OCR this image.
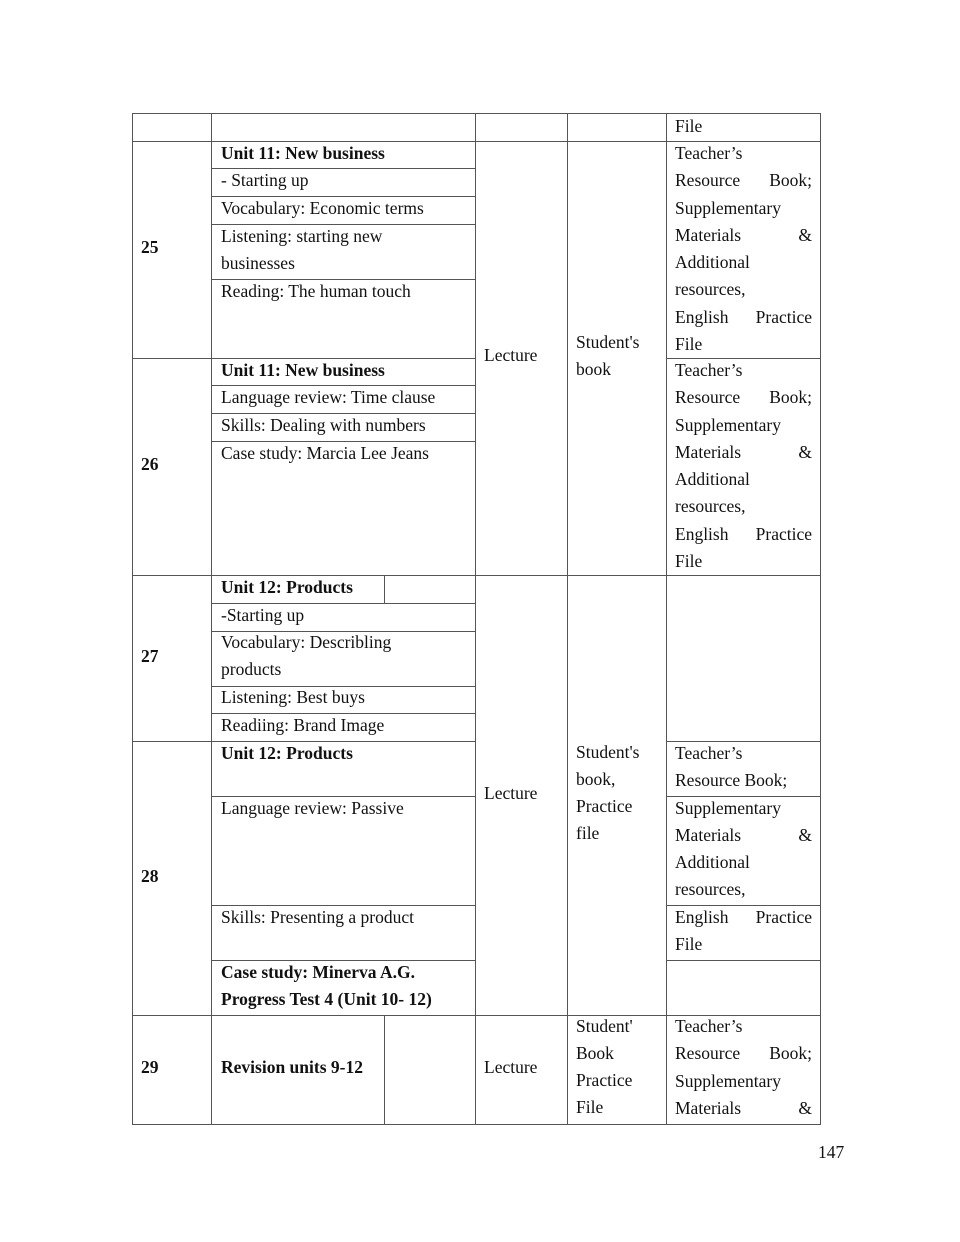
File
25
Unit 11: New business
- Starting up
Vocabulary: Economic terms
Listening: starting new
businesses
Reading: The human touch
Teacher’s
Resource Book;
Supplementary
Materials &
Additional
resources,
English Practice
File
Lecture
Student's
book
26
Unit 11: New business
Language review: Time clause
Skills: Dealing with numbers
Case study: Marcia Lee Jeans
Teacher’s
Resource Book;
Supplementary
Materials &
Additional
resources,
English Practice
File
27
Unit 12: Products
-Starting up
Vocabulary: Describling
products
Listening: Best buys
Readiing: Brand Image
Lecture
Student's
book,
Practice
file
28
Unit 12: Products
Language review: Passive
Skills: Presenting a product
Case study: Minerva A.G.
Progress Test 4 (Unit 10- 12)
Teacher’s
Resource Book;
Supplementary
Materials &
Additional
resources,
English Practice
File
29	Revision units 9-12	Lecture
Student'
Book
Practice
File
Teacher’s
Resource Book;
Supplementary
Materials &
147
